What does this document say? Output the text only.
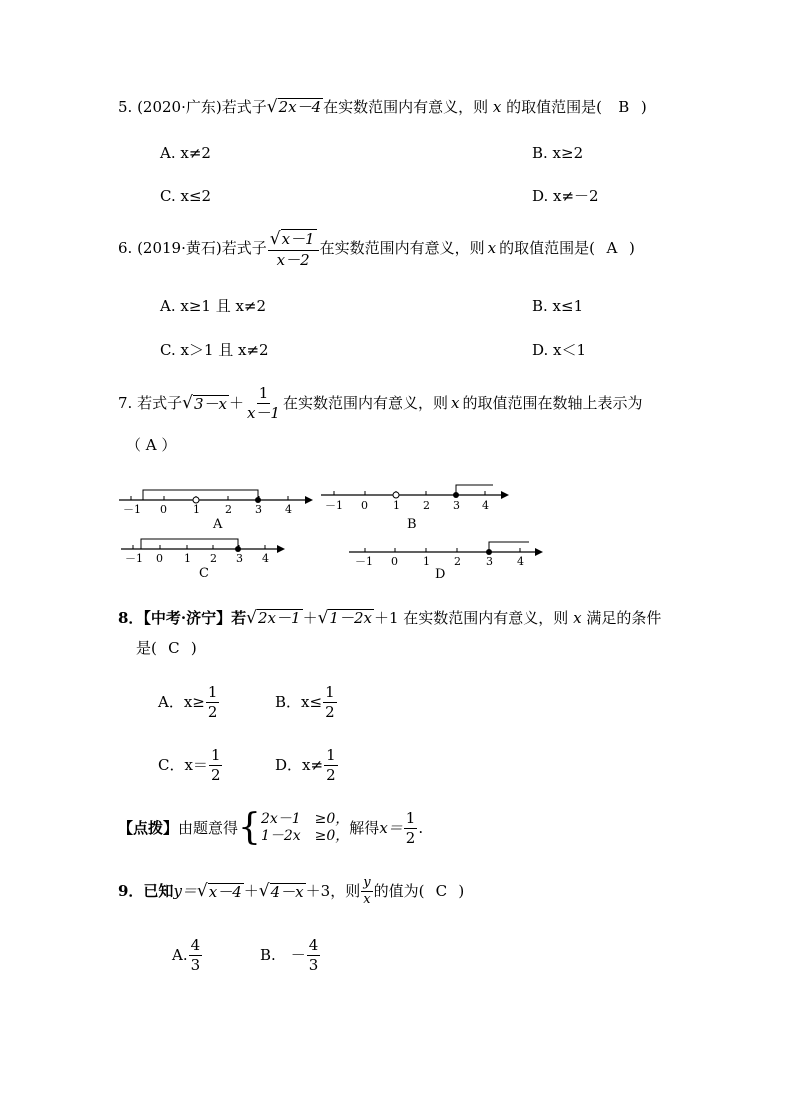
5. (2020·广东)若式子√2x－4 在实数范围内有意义，则 x 的取值范围是( B )
A. x≠2	B. x≥2
C. x≤2	D. x≠－2
6. (2019·黄石)若式子 $\frac{√x-1}{x-2}$ 在实数范围内有意义，则 x 的取值范围是( A )
A. x≥1 且 x≠2	B. x≤1
C. x＞1 且 x≠2	D. x＜1
7. 若式子 √ $3-x + \frac{1}{x-1}$ 在实数范围内有意义，则 x 的取值范围在数轴上表示为
（ A ）
－1 0 1 2 3 4
A
－1 0 1 2 3 4
B
－1 0 1 2 3 4
C
－1 0 1 2 3 4
D
8．【中考·济宁】若√2x－1 ＋√1－2x ＋1 在实数范围内有意义，则 x 满足的条件
是( C )
A．$x\ge \frac{1}{2}$	B．$x\le \frac{1}{2}$
C．$x= \frac{1}{2}$	D．$x\ne \frac{1}{2}$
【点拨】 由题意得 { 2x－1　≥0，
1－2x　≥0， 解得 $x= \frac{1}{2}$ .
9．已知 y＝ √ x－4 ＋ √ 4－x ＋3，则 $\frac{y}{x}$ 的值为( C )
A. $\frac{4}{3}$	B.　－ $\frac{4}{3}$
